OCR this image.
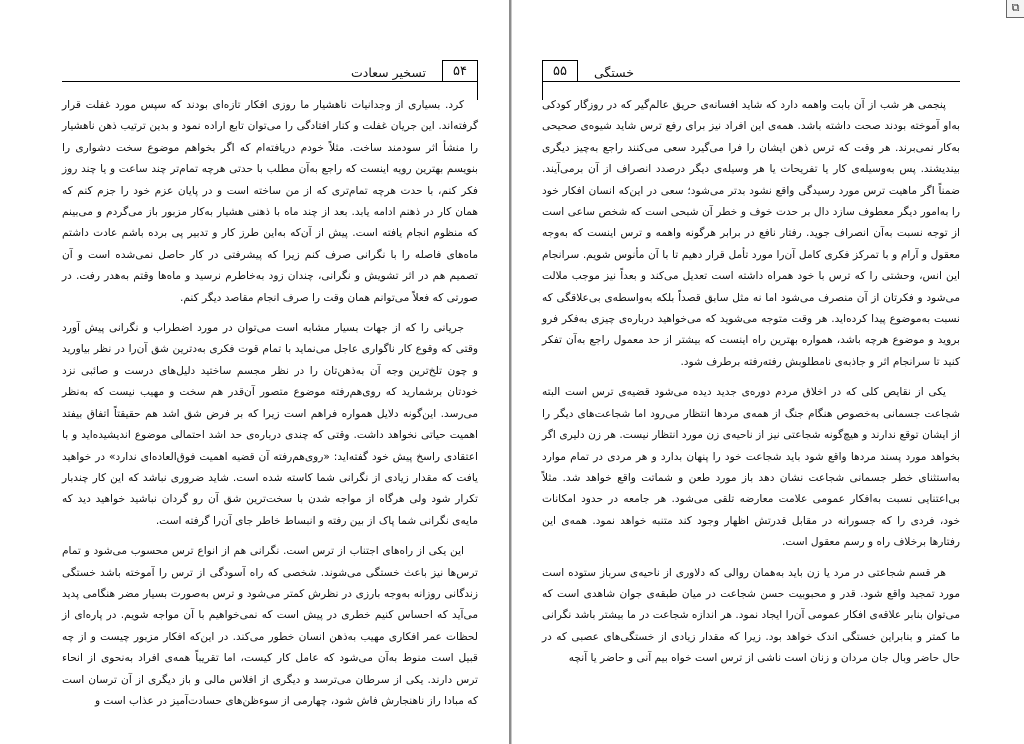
تسخیر سعادت	۵۴

کرد. بسیاری از وجدانیات ناهشیار ما روزی افکار تازه‌ای بودند که سپس مورد غفلت قرار گرفته‌اند. این جریان غفلت و کنار افتادگی را می‌توان تابع اراده نمود و بدین ترتیب ذهن ناهشیار را منشأ اثر سودمند ساخت. مثلاً خودم دریافته‌ام که اگر بخواهم موضوع سخت دشواری را بنویسم بهترین رویه اینست که راجع به‌آن مطلب با حدتی هرچه تمام‌تر چند ساعت و یا چند روز فکر کنم، با حدت هرچه تمام‌تری که از من ساخته است و در پایان عزم خود را جزم کنم که همان کار در ذهنم ادامه یابد. بعد از چند ماه با ذهنی هشیار به‌کار مزبور باز می‌گردم و می‌بینم که منظوم انجام یافته است. پیش از آن‌که به‌این طرز کار و تدبیر پی برده باشم عادت داشتم ماه‌های فاصله را با نگرانی صرف کنم زیرا که پیشرفتی در کار حاصل نمی‌شده است و آن تصمیم هم در اثر تشویش و نگرانی، چندان زود به‌خاطرم نرسید و ماه‌ها وقتم به‌هدر رفت. در صورتی که فعلاً می‌توانم همان وقت را صرف انجام مقاصد دیگر کنم.

جریانی را که از جهات بسیار مشابه است می‌توان در مورد اضطراب و نگرانی پیش آورد وقتی که وقوع کار ناگواری عاجل می‌نماید با تمام قوت فکری به‌دترین شق آن‌را در نظر بیاورید و چون تلخ‌ترین وجه آن به‌ذهن‌تان را در نظر مجسم ساختید دلیل‌های درست و صائبی نزد خودتان برشمارید که روی‌هم‌رفته موضوع متصور آن‌قدر هم سخت و مهیب نیست که به‌نظر می‌رسد. این‌گونه دلایل همواره فراهم است زیرا که بر فرض شق اشد هم حقیقتاً اتفاق بیفتد اهمیت حیاتی نخواهد داشت. وقتی که چندی درباره‌ی حد اشد احتمالی موضوع اندیشیده‌اید و با اعتقادی راسخ پیش خود گفته‌اید: «روی‌هم‌رفته آن قضیه اهمیت فوق‌العاده‌ای ندارد» در خواهید یافت که مقدار زیادی از نگرانی شما کاسته شده است. شاید ضروری نباشد که این کار چندبار تکرار شود ولی هرگاه از مواجه شدن با سخت‌ترین شق آن رو گردان نباشید خواهید دید که مایه‌ی نگرانی شما پاک از بین رفته و انبساط خاطر جای آن‌را گرفته است.

این یکی از راه‌های اجتناب از ترس است. نگرانی هم از انواع ترس محسوب می‌شود و تمام ترس‌ها نیز باعث خستگی می‌شوند. شخصی که راه آسودگی از ترس را آموخته باشد خستگی زندگانی روزانه به‌وجه بارزی در نظرش کمتر می‌شود و ترس به‌صورت بسیار مضر هنگامی پدید می‌آید که احساس کنیم خطری در پیش است که نمی‌خواهیم با آن مواجه شویم. در پاره‌ای از لحظات عمر افکاری مهیب به‌ذهن انسان خطور می‌کند. در این‌که افکار مزبور چیست و از چه قبیل است منوط به‌آن می‌شود که عامل کار کیست، اما تقریباً همه‌ی افراد به‌نحوی از انحاء ترس دارند. یکی از سرطان می‌ترسد و دیگری از افلاس مالی و باز دیگری از آن ترسان است که مبادا راز ناهنجارش فاش شود، چهارمی از سوءظن‌های حسادت‌آمیز در عذاب است و

۵۵	خستگی

پنجمی هر شب از آن بابت واهمه دارد که شاید افسانه‌ی حریق عالم‌گیر که در روزگار کودکی به‌او آموخته بودند صحت داشته باشد. همه‌ی این افراد نیز برای رفع ترس شاید شیوه‌ی صحیحی به‌کار نمی‌برند. هر وقت که ترس ذهن ایشان را فرا می‌گیرد سعی می‌کنند راجع به‌چیز دیگری بیندیشند. پس به‌وسیله‌ی کار یا تفریحات یا هر وسیله‌ی دیگر درصدد انصراف از آن برمی‌آیند. ضمناً اگر ماهیت ترس مورد رسیدگی واقع نشود بدتر می‌شود؛ سعی در این‌که انسان افکار خود را به‌امور دیگر معطوف سازد دال بر حدت خوف و خطر آن شبحی است که شخص ساعی است از توجه نسبت به‌آن انصراف جوید. رفتار نافع در برابر هرگونه واهمه و ترس اینست که به‌وجه معقول و آرام و با تمرکز فکری کامل آن‌را مورد تأمل قرار دهیم تا با آن مأنوس شویم. سرانجام این انس، وحشتی را که ترس با خود همراه داشته است تعدیل می‌کند و بعداً نیز موجب ملالت می‌شود و فکرتان از آن منصرف می‌شود اما نه مثل سابق قصداً بلکه به‌واسطه‌ی بی‌علاقگی که نسبت به‌موضوع پیدا کرده‌اید. هر وقت متوجه می‌شوید که می‌خواهید درباره‌ی چیزی به‌فکر فرو بروید و موضوع هرچه باشد، همواره بهترین راه اینست که بیشتر از حد معمول راجع به‌آن تفکر کنید تا سرانجام اثر و جاذبه‌ی نامطلوبش رفته‌رفته برطرف شود.

یکی از نقایص کلی که در اخلاق مردم دوره‌ی جدید دیده می‌شود قضیه‌ی ترس است البته شجاعت جسمانی به‌خصوص هنگام جنگ از همه‌ی مردها انتظار می‌رود اما شجاعت‌های دیگر را از ایشان توقع ندارند و هیچ‌گونه شجاعتی نیز از ناحیه‌ی زن مورد انتظار نیست. هر زن دلیری اگر بخواهد مورد پسند مردها واقع شود باید شجاعت خود را پنهان بدارد و هر مردی در تمام موارد به‌استثنای خطر جسمانی شجاعت نشان دهد باز مورد طعن و شماتت واقع خواهد شد. مثلاً بی‌اعتنایی نسبت به‌افکار عمومی علامت معارضه تلقی می‌شود. هر جامعه در حدود امکانات خود، فردی را که جسورانه در مقابل قدرتش اظهار وجود کند متنبه خواهد نمود. همه‌ی این رفتارها برخلاف راه و رسم معقول است.

هر قسم شجاعتی در مرد یا زن باید به‌همان روالی که دلاوری از ناحیه‌ی سرباز ستوده است مورد تمجید واقع شود. قدر و محبوبیت حسن شجاعت در میان طبقه‌ی جوان شاهدی است که می‌توان بنابر علاقه‌ی افکار عمومی آن‌را ایجاد نمود. هر اندازه شجاعت در ما بیشتر باشد نگرانی ما کمتر و بنابراین خستگی اندک خواهد بود. زیرا که مقدار زیادی از خستگی‌های عصبی که در حال حاضر وبال جان مردان و زنان است ناشی از ترس است خواه بیم آنی و حاضر یا آنچه

⧉
